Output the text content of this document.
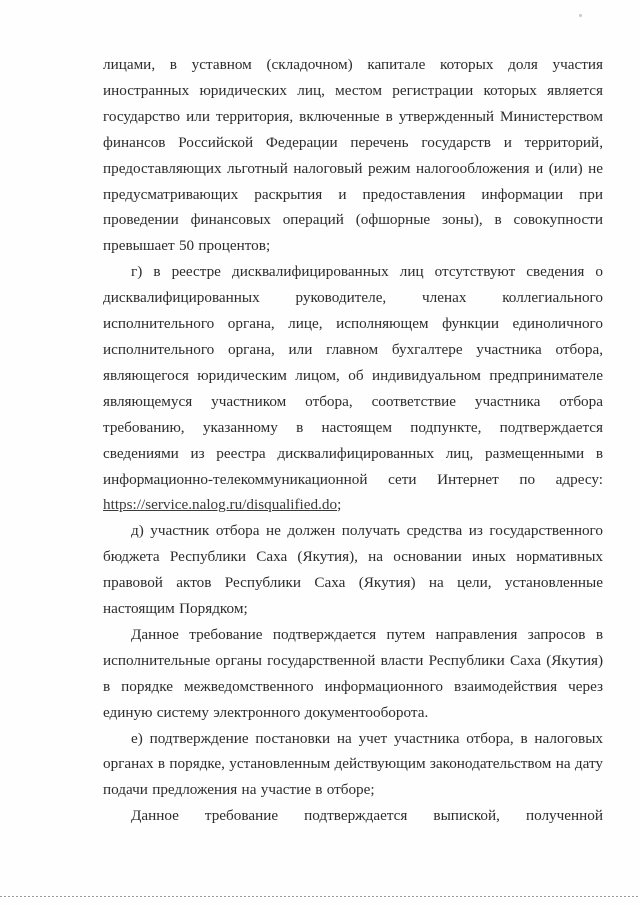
лицами, в уставном (складочном) капитале которых доля участия иностранных юридических лиц, местом регистрации которых является государство или территория, включенные в утвержденный Министерством финансов Российской Федерации перечень государств и территорий, предоставляющих льготный налоговый режим налогообложения и (или) не предусматривающих раскрытия и предоставления информации при проведении финансовых операций (офшорные зоны), в совокупности превышает 50 процентов;

г) в реестре дисквалифицированных лиц отсутствуют сведения о дисквалифицированных руководителе, членах коллегиального исполнительного органа, лице, исполняющем функции единоличного исполнительного органа, или главном бухгалтере участника отбора, являющегося юридическим лицом, об индивидуальном предпринимателе являющемуся участником отбора, соответствие участника отбора требованию, указанному в настоящем подпункте, подтверждается сведениями из реестра дисквалифицированных лиц, размещенными в информационно-телекоммуникационной сети Интернет по адресу: https://service.nalog.ru/disqualified.do;

д) участник отбора не должен получать средства из государственного бюджета Республики Саха (Якутия), на основании иных нормативных правовой актов Республики Саха (Якутия) на цели, установленные настоящим Порядком;

Данное требование подтверждается путем направления запросов в исполнительные органы государственной власти Республики Саха (Якутия) в порядке межведомственного информационного взаимодействия через единую систему электронного документооборота.

е) подтверждение постановки на учет участника отбора, в налоговых органах в порядке, установленным действующим законодательством на дату подачи предложения на участие в отборе;

Данное требование подтверждается выпиской, полученной
